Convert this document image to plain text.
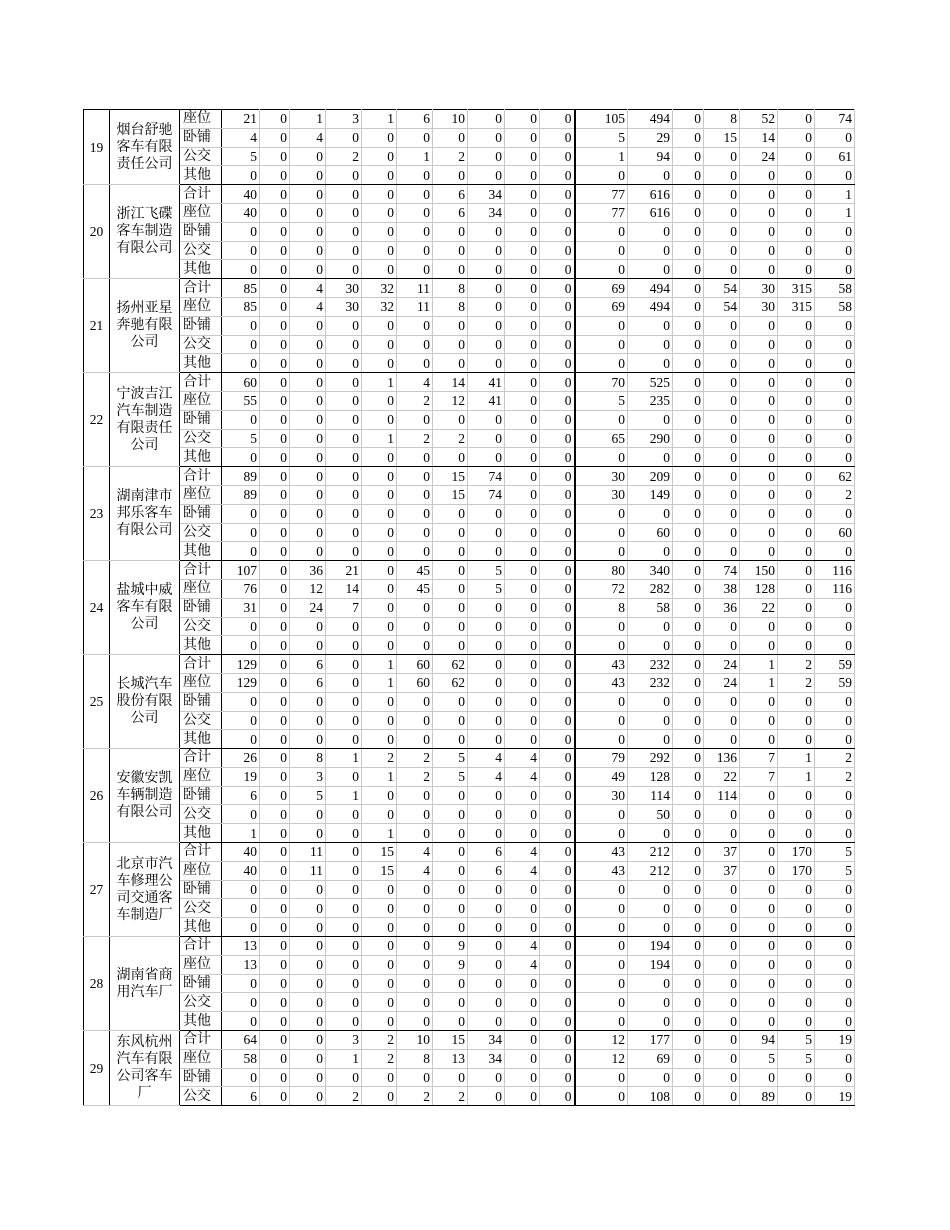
19	烟台舒驰客车有限责任公司	座位	21	0	1	3	1	6	10	0	0	0	105	494	0	8	52	0	74
		卧铺	4	0	4	0	0	0	0	0	0	0	5	29	0	15	14	0	0
		公交	5	0	0	2	0	1	2	0	0	0	1	94	0	0	24	0	61
		其他	0	0	0	0	0	0	0	0	0	0	0	0	0	0	0	0	0
20	浙江飞碟客车制造有限公司	合计	40	0	0	0	0	0	6	34	0	0	77	616	0	0	0	0	1
		座位	40	0	0	0	0	0	6	34	0	0	77	616	0	0	0	0	1
		卧铺	0	0	0	0	0	0	0	0	0	0	0	0	0	0	0	0	0
		公交	0	0	0	0	0	0	0	0	0	0	0	0	0	0	0	0	0
		其他	0	0	0	0	0	0	0	0	0	0	0	0	0	0	0	0	0
21	扬州亚星奔驰有限公司	合计	85	0	4	30	32	11	8	0	0	0	69	494	0	54	30	315	58
		座位	85	0	4	30	32	11	8	0	0	0	69	494	0	54	30	315	58
		卧铺	0	0	0	0	0	0	0	0	0	0	0	0	0	0	0	0	0
		公交	0	0	0	0	0	0	0	0	0	0	0	0	0	0	0	0	0
		其他	0	0	0	0	0	0	0	0	0	0	0	0	0	0	0	0	0
22	宁波吉江汽车制造有限责任公司	合计	60	0	0	0	1	4	14	41	0	0	70	525	0	0	0	0	0
		座位	55	0	0	0	0	2	12	41	0	0	5	235	0	0	0	0	0
		卧铺	0	0	0	0	0	0	0	0	0	0	0	0	0	0	0	0	0
		公交	5	0	0	0	1	2	2	0	0	0	65	290	0	0	0	0	0
		其他	0	0	0	0	0	0	0	0	0	0	0	0	0	0	0	0	0
23	湖南津市邦乐客车有限公司	合计	89	0	0	0	0	0	15	74	0	0	30	209	0	0	0	0	62
		座位	89	0	0	0	0	0	15	74	0	0	30	149	0	0	0	0	2
		卧铺	0	0	0	0	0	0	0	0	0	0	0	0	0	0	0	0	0
		公交	0	0	0	0	0	0	0	0	0	0	0	60	0	0	0	0	60
		其他	0	0	0	0	0	0	0	0	0	0	0	0	0	0	0	0	0
24	盐城中威客车有限公司	合计	107	0	36	21	0	45	0	5	0	0	80	340	0	74	150	0	116
		座位	76	0	12	14	0	45	0	5	0	0	72	282	0	38	128	0	116
		卧铺	31	0	24	7	0	0	0	0	0	0	8	58	0	36	22	0	0
		公交	0	0	0	0	0	0	0	0	0	0	0	0	0	0	0	0	0
		其他	0	0	0	0	0	0	0	0	0	0	0	0	0	0	0	0	0
25	长城汽车股份有限公司	合计	129	0	6	0	1	60	62	0	0	0	43	232	0	24	1	2	59
		座位	129	0	6	0	1	60	62	0	0	0	43	232	0	24	1	2	59
		卧铺	0	0	0	0	0	0	0	0	0	0	0	0	0	0	0	0	0
		公交	0	0	0	0	0	0	0	0	0	0	0	0	0	0	0	0	0
		其他	0	0	0	0	0	0	0	0	0	0	0	0	0	0	0	0	0
26	安徽安凯车辆制造有限公司	合计	26	0	8	1	2	2	5	4	4	0	79	292	0	136	7	1	2
		座位	19	0	3	0	1	2	5	4	4	0	49	128	0	22	7	1	2
		卧铺	6	0	5	1	0	0	0	0	0	0	30	114	0	114	0	0	0
		公交	0	0	0	0	0	0	0	0	0	0	0	50	0	0	0	0	0
		其他	1	0	0	0	1	0	0	0	0	0	0	0	0	0	0	0	0
27	北京市汽车修理公司交通客车制造厂	合计	40	0	11	0	15	4	0	6	4	0	43	212	0	37	0	170	5
		座位	40	0	11	0	15	4	0	6	4	0	43	212	0	37	0	170	5
		卧铺	0	0	0	0	0	0	0	0	0	0	0	0	0	0	0	0	0
		公交	0	0	0	0	0	0	0	0	0	0	0	0	0	0	0	0	0
		其他	0	0	0	0	0	0	0	0	0	0	0	0	0	0	0	0	0
28	湖南省商用汽车厂	合计	13	0	0	0	0	0	9	0	4	0	0	194	0	0	0	0	0
		座位	13	0	0	0	0	0	9	0	4	0	0	194	0	0	0	0	0
		卧铺	0	0	0	0	0	0	0	0	0	0	0	0	0	0	0	0	0
		公交	0	0	0	0	0	0	0	0	0	0	0	0	0	0	0	0	0
		其他	0	0	0	0	0	0	0	0	0	0	0	0	0	0	0	0	0
29	东风杭州汽车有限公司客车厂	合计	64	0	0	3	2	10	15	34	0	0	12	177	0	0	94	5	19
		座位	58	0	0	1	2	8	13	34	0	0	12	69	0	0	5	5	0
		卧铺	0	0	0	0	0	0	0	0	0	0	0	0	0	0	0	0	0
		公交	6	0	0	2	0	2	2	0	0	0	0	108	0	0	89	0	19
